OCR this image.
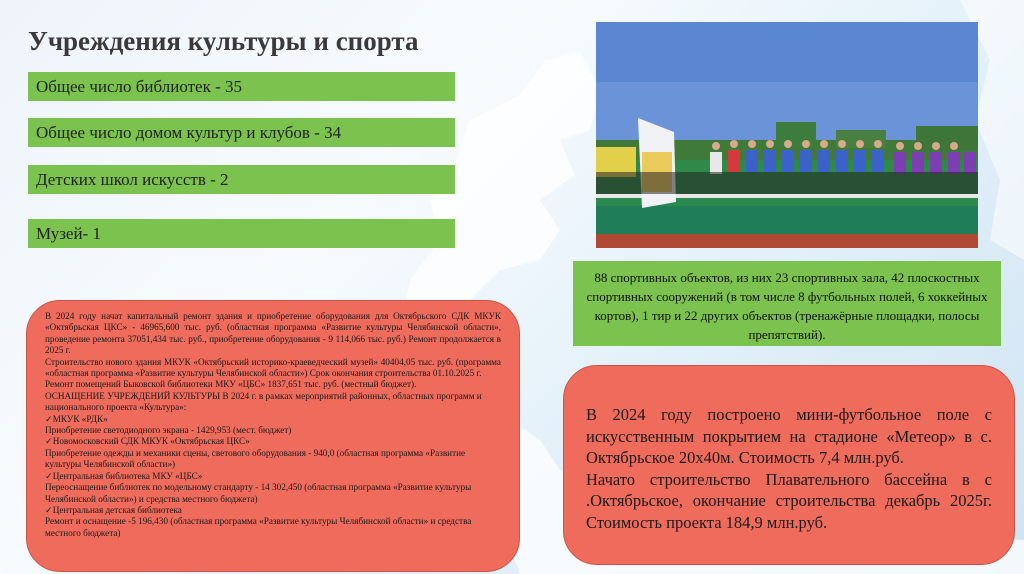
Учреждения культуры и спорта
Общее число библиотек - 35
Общее число домом культур и клубов - 34
Детских школ искусств - 2
Музей- 1
88 спортивных объектов, из них 23 спортивных зала, 42 плоскостных спортивных сооружений (в том числе 8 футбольных полей, 6 хоккейных кортов), 1 тир и 22 других объектов (тренажёрные площадки, полосы препятствий).

В 2024 году начат капитальный ремонт здания и приобретение оборудования для Октябрьского СДК МКУК «Октябрьская ЦКС» - 46965,600 тыс. руб. (областная программа «Развитие культуры Челябинской области», проведение ремонта 37051,434 тыс. руб., приобретение оборудования - 9 114,066 тыс. руб.) Ремонт продолжается в 2025 г.

Строительство нового здания МКУК «Октябрьский историко-краеведческий музей» 40404,05 тыс. руб. (программа «областная программа «Развитие культуры Челябинской области») Срок окончания строительства 01.10.2025 г.

Ремонт помещений Быковской библиотеки МКУ «ЦБС» 1837,651 тыс. руб. (местный бюджет).

ОСНАЩЕНИЕ УЧРЕЖДЕНИЙ КУЛЬТУРЫ В 2024 г. в рамках мероприятий районных, областных программ и национального проекта «Культура»:

✓МКУК «РДК»

Приобретение светодиодного экрана - 1429,953 (мест. бюджет)

✓Новомосковский СДК МКУК «Октябрьская ЦКС»

Приобретение одежды и механики сцены, светового оборудования - 940,0 (областная программа «Развитие культуры Челябинской области»)

✓Центральная библиотека МКУ «ЦБС»

Переоснащение библиотек по модельному стандарту - 14 302,450 (областная программа «Развитие культуры Челябинской области») и средства местного бюджета)

✓Центральная детская библиотека

Ремонт и оснащение -5 196,430 (областная программа «Развитие культуры Челябинской области» и средства местного бюджета)

В 2024 году построено мини-футбольное поле с искусственным покрытием на стадионе «Метеор» в с. Октябрьское 20х40м. Стоимость 7,4 млн.руб.

Начато строительство Плавательного бассейна в с .Октябрьское, окончание строительства декабрь 2025г. Стоимость проекта 184,9 млн.руб.
